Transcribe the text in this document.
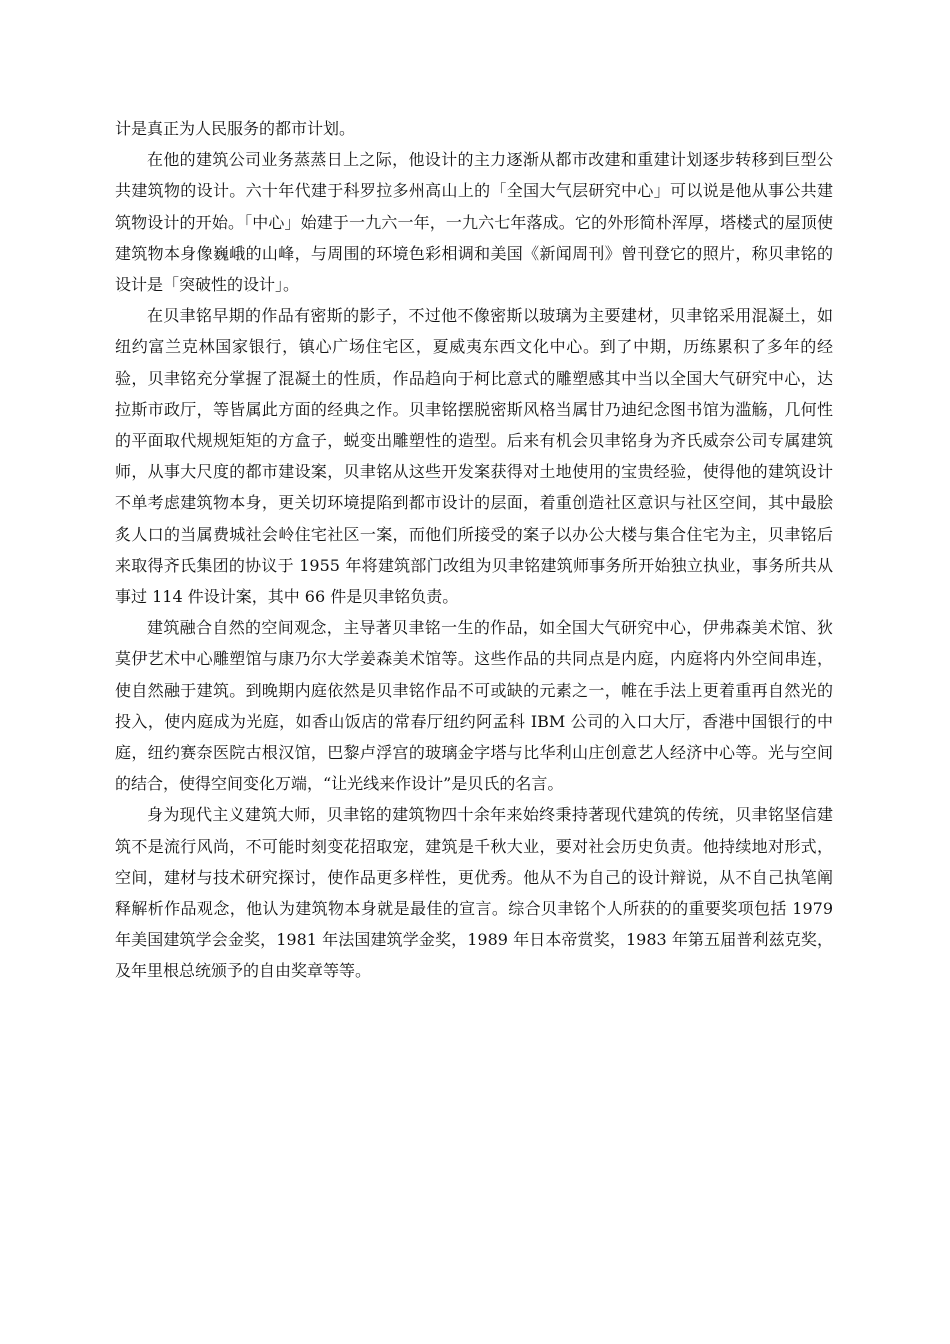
计是真正为人民服务的都市计划。

在他的建筑公司业务蒸蒸日上之际，他设计的主力逐渐从都市改建和重建计划逐步转移到巨型公共建筑物的设计。六十年代建于科罗拉多州高山上的「全国大气层研究中心」可以说是他从事公共建筑物设计的开始。「中心」始建于一九六一年，一九六七年落成。它的外形简朴浑厚，塔楼式的屋顶使建筑物本身像巍峨的山峰，与周围的环境色彩相调和美国《新闻周刊》曾刊登它的照片，称贝聿铭的设计是「突破性的设计」。

在贝聿铭早期的作品有密斯的影子，不过他不像密斯以玻璃为主要建材，贝聿铭采用混凝土，如纽约富兰克林国家银行，镇心广场住宅区，夏威夷东西文化中心。到了中期，历练累积了多年的经验，贝聿铭充分掌握了混凝土的性质，作品趋向于柯比意式的雕塑感其中当以全国大气研究中心，达拉斯市政厅，等皆属此方面的经典之作。贝聿铭摆脱密斯风格当属甘乃迪纪念图书馆为滥觞，几何性的平面取代规规矩矩的方盒子，蜕变出雕塑性的造型。后来有机会贝聿铭身为齐氏威奈公司专属建筑师，从事大尺度的都市建设案，贝聿铭从这些开发案获得对土地使用的宝贵经验，使得他的建筑设计不单考虑建筑物本身，更关切环境提陷到都市设计的层面，着重创造社区意识与社区空间，其中最脍炙人口的当属费城社会岭住宅社区一案，而他们所接受的案子以办公大楼与集合住宅为主，贝聿铭后来取得齐氏集团的协议于 1955 年将建筑部门改组为贝聿铭建筑师事务所开始独立执业，事务所共从事过 114 件设计案，其中 66 件是贝聿铭负责。

建筑融合自然的空间观念，主导著贝聿铭一生的作品，如全国大气研究中心，伊弗森美术馆、狄莫伊艺术中心雕塑馆与康乃尔大学姜森美术馆等。这些作品的共同点是内庭，内庭将内外空间串连，使自然融于建筑。到晚期内庭依然是贝聿铭作品不可或缺的元素之一，帷在手法上更着重再自然光的投入，使内庭成为光庭，如香山饭店的常春厅纽约阿孟科 IBM 公司的入口大厅，香港中国银行的中庭，纽约赛奈医院古根汉馆，巴黎卢浮宫的玻璃金字塔与比华利山庄创意艺人经济中心等。光与空间的结合，使得空间变化万端，“让光线来作设计”是贝氏的名言。

身为现代主义建筑大师，贝聿铭的建筑物四十余年来始终秉持著现代建筑的传统，贝聿铭坚信建筑不是流行风尚，不可能时刻变花招取宠，建筑是千秋大业，要对社会历史负责。他持续地对形式，空间，建材与技术研究探讨，使作品更多样性，更优秀。他从不为自己的设计辩说，从不自己执笔阐释解析作品观念，他认为建筑物本身就是最佳的宣言。综合贝聿铭个人所获的的重要奖项包括 1979 年美国建筑学会金奖，1981 年法国建筑学金奖，1989 年日本帝赏奖，1983 年第五届普利兹克奖，及年里根总统颁予的自由奖章等等。
